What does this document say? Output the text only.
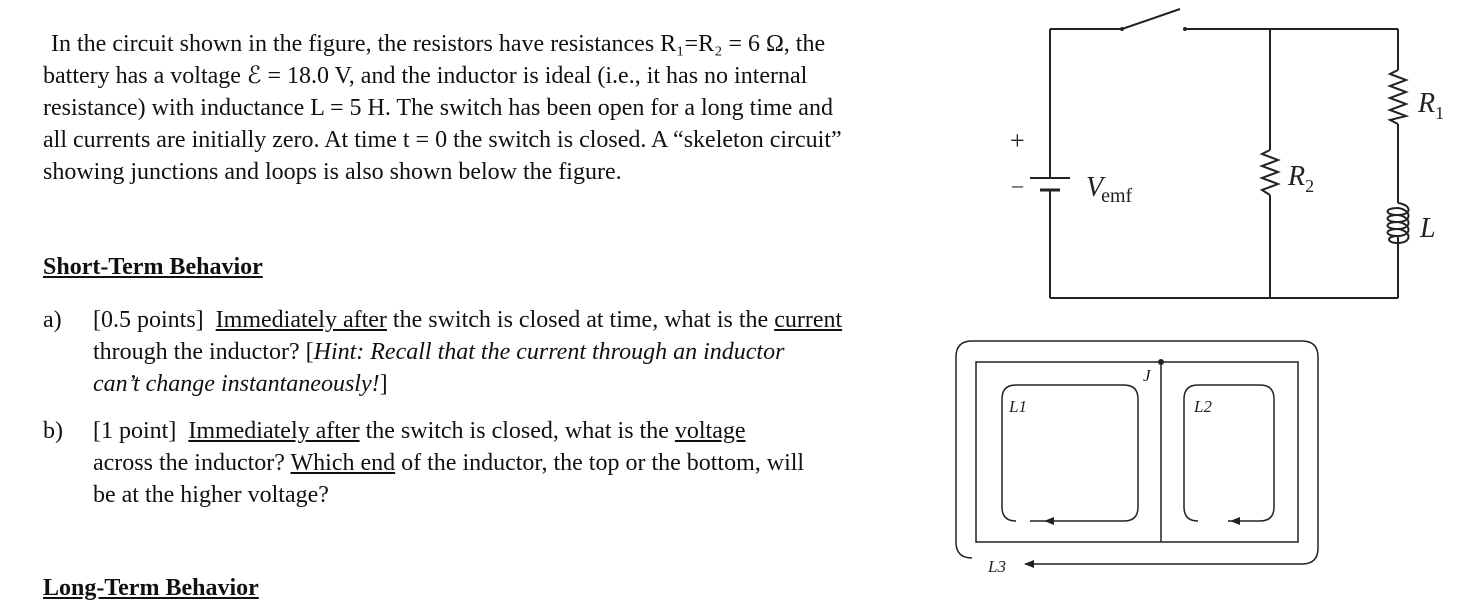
In the circuit shown in the figure, the resistors have resistances R₁=R₂ = 6 Ω, the
battery has a voltage ℰ = 18.0 V, and the inductor is ideal (i.e., it has no internal
resistance) with inductance L = 5 H. The switch has been open for a long time and
all currents are initially zero. At time t = 0 the switch is closed. A “skeleton circuit”
showing junctions and loops is also shown below the figure.
Short-Term Behavior
a) [0.5 points] Immediately after the switch is closed at time, what is the current
through the inductor? [Hint: Recall that the current through an inductor
can’t change instantaneously!]
b) [1 point] Immediately after the switch is closed, what is the voltage
across the inductor? Which end of the inductor, the top or the bottom, will
be at the higher voltage?
Long-Term Behavior
+
– Vemf
$R_2$
$R_1$
L
L3
J
L1	L2
